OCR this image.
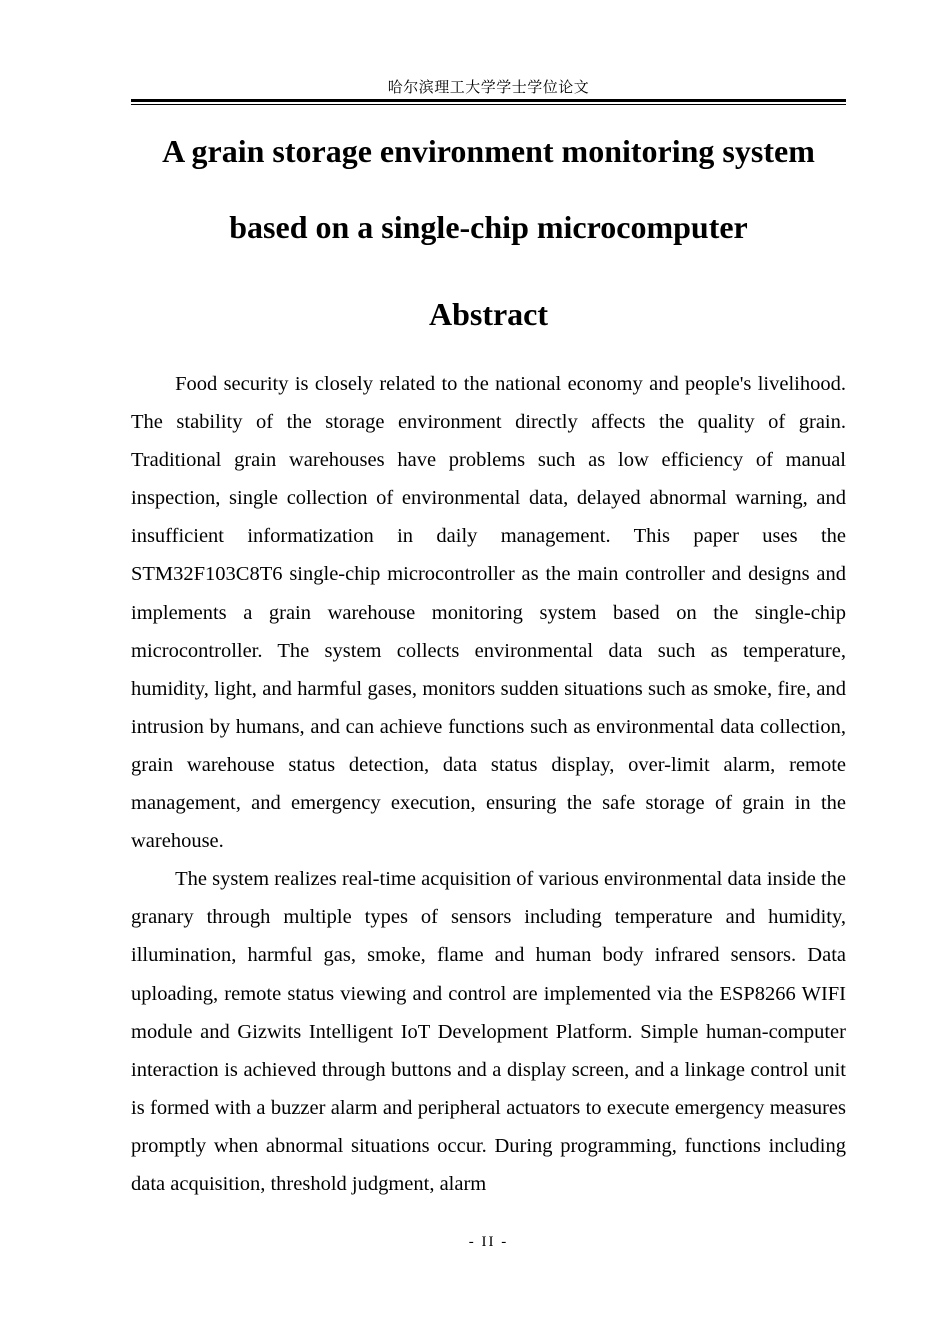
哈尔滨理工大学学士学位论文
A grain storage environment monitoring system
based on a single-chip microcomputer
Abstract

Food security is closely related to the national economy and people's livelihood. The stability of the storage environment directly affects the quality of grain. Traditional grain warehouses have problems such as low efficiency of manual inspection, single collection of environmental data, delayed abnormal warning, and insufficient informatization in daily management. This paper uses the STM32F103C8T6 single-chip microcontroller as the main controller and designs and implements a grain warehouse monitoring system based on the single-chip microcontroller. The system collects environmental data such as temperature, humidity, light, and harmful gases, monitors sudden situations such as smoke, fire, and intrusion by humans, and can achieve functions such as environmental data collection, grain warehouse status detection, data status display, over-limit alarm, remote management, and emergency execution, ensuring the safe storage of grain in the warehouse.

The system realizes real-time acquisition of various environmental data inside the granary through multiple types of sensors including temperature and humidity, illumination, harmful gas, smoke, flame and human body infrared sensors. Data uploading, remote status viewing and control are implemented via the ESP8266 WIFI module and Gizwits Intelligent IoT Development Platform. Simple human-computer interaction is achieved through buttons and a display screen, and a linkage control unit is formed with a buzzer alarm and peripheral actuators to execute emergency measures promptly when abnormal situations occur. During programming, functions including data acquisition, threshold judgment, alarm

- II -
